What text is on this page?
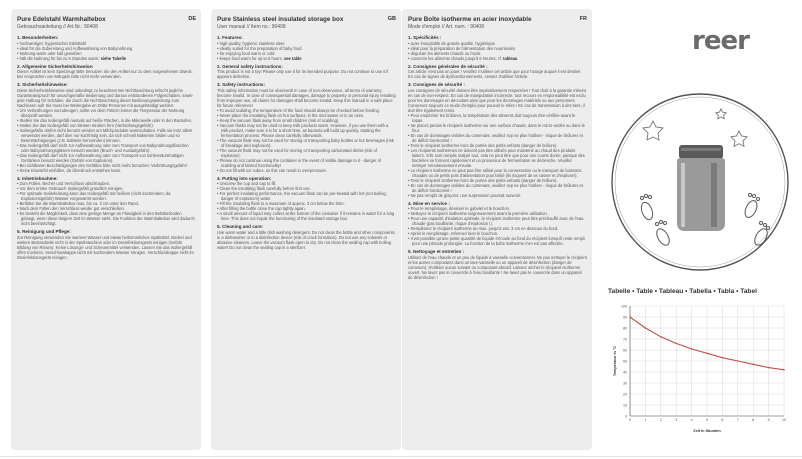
Pure Edelstahl Warmhaltebox
Gebrauchsanleitung // Art.Nr.: 90408
DE
1. Besonderheiten:
• hochwertiger, hygienischer Edelstahl
• ideal für die Zubereitung und Aufbewahrung von Babynahrung
• Nahrung warm oder kalt genießen
• hält die Nahrung für bis zu 6 Stunden warm; siehe Tabelle
2. Allgemeine Sicherheitshinweise:

Dieser Artikel ist kein Spielzeug! Bitte benutzen Sie den Artikel nur zu dem vorgesehenen Zweck. Bei Ansprüchen von Mängeln bitte nicht mehr verwenden.

3. Sicherheitshinweise:

Diese Sicherheitshinweise sind unbedingt zu beachten! Bei Nichtbeachtung erlischt jegliche Garantieanspruch für unsachgemäße Bedienung und daraus entstandenen Folgeschäden, sowie jede Haftung für Schäden, die durch die Nichtbeachtung dieser Bedienungsanleitung zum Nachlesen auf! Sie muss bei Weitergabe an Dritte Personen mit ausgehändigt werden:

• Um Verbrühungen vorzubeugen, sollte vor dem Füttern immer die Temperatur der Nahrung überprüft werden.
• Stellen Sie das Isoliergefäß niemals auf heiße Flächen, in die Mikrowelle oder in den Backofen.
• Halten Sie das Isoliergefäß von kleinen Kindern fern (Verbrühungsgefahr).
• Isoliergefäße dürfen nicht benutzt werden um Milchprodukte warmzuhalten. Falls sie trotz allem verwendet werden, darf dies nur kurzfristig sein, da sich schnell Bakterien bilden und so Beeinträchtigungen (z.B. bakterie hervorrufen) können.
• Das Isoliergefäß darf nicht zur Aufbewahrung oder zum Transport von Babynahrungsflaschen oder Babynahrungsgläsern benutzt werden (Bruch- und Auslaufgefahr).
• Das Isoliergefäß darf nicht zur Aufbewahrung oder zum Transport von kohlensäurehaltigen Getränken benutzt werden (Gefahr von Explosion).
• Bei sichtbaren Beschädigungen des Gefäßes bitte nicht mehr benutzen: Verbrühungsgefahr!
• Keine Eiswürfel einfüllen, da Überdruck entstehen kann.
4. Inbetriebnahme:
• Zum Füllen, Becher und Verschluss abschrauben.
• Vor dem ersten Gebrauch Isoliergefäß gründlich reinigen.
• Für optimale Isolierleistung kann das Isoliergefäß mit heißem (nicht kochendem, da Explosionsgefahr) Wasser vorgewärmt werden.
• Befüllen Sie die Warmhaltebox max. bis ca. 3 cm unter den Rand.
• Nach dem Füllen den Verschluss wieder gut verschließen.
• Es besteht die Möglichkeit, dass eine geringe Menge an Flüssigkeit in den Behälterboden gelangt, wenn diese längere Zeit im Wasser steht. Die Funktion der Warmhaltebox wird dadurch nicht beeinträchtigt.
5. Reinigung und Pflege:

Zur Reinigung verwenden Sie warmes Wasser und etwas herkömmliches Spülmittel. Deckel und weitere Bestandteile nicht in der Spülmaschine oder im Desinfektionsgerät reinigen (Gefahr Bildung von Rissen). Keine Lösungs- und Scheuermittel verwenden. Lassen Sie das Isoliergefäß offen trocknen. Verschlusskappe nicht mit kochendem Wasser reinigen. Verschlusskappe nicht im Desinfektionsgerät reinigen.

Pure Stainless steel insulated storage box
User manual // Item no.: 90408
GB
1. Features:
• high-quality, hygienic stainless steel
• ideally suited for the preparation of baby food
• for enjoying food warm or cold
• keeps food warm for up to 6 hours, see table
2. General safety instructions:

This product is not a toy! Please only use it for its intended purpose. Do not continue to use it if appears defective.

3. Safety instructions:

This safety information must be observed! In case of non-observance, all terms of warranty become invalid. In case of consequential damages, damage to property or personal injury resulting from improper use, all claims for damages shall become invalid. Keep this manual in a safe place for future reference!

• To avoid scalding, the temperature of the food should always be checked before feeding.
• Never place the insulating flask on hot surfaces, in the microwave or in an oven.
• Keep the vacuum flask away from small children (risk of scalding).
• Vacuum flasks may not be used to keep milk products warm. However, if you use them with a milk product, make sure it is for a short time, as bacteria will build up quickly, starting the fermentation process. Please clean carefully afterwards.
• The vacuum flask may not be used for storing or transporting baby bottles or hot beverages (risk of breakage and explosion).
• The vacuum flask may not be used for storing or transporting carbonated drinks (risk of explosion).
• Please do not continue using the container in the event of visible damage to it - danger of scalding and limited functionality!
• Do not fill with ice cubes, as this can result in overpressure.
4. Putting into operation:
• Unscrew the cup and cap to fill.
• Clean the insulating flask carefully before first use.
• For perfect insulating performance, the vacuum flask can be pre-heated with hot (not boiling, danger of explosion!) water.
• Fill the insulating flask to a maximum of approx. 3 cm below the brim.
• After filling the bottle close the cap tightly again.
• A small amount of liquid may collect at the bottom of the container if it remains in water for a long time. This does not impair the functioning of the insulated storage box.
5. Cleaning and care:

Use warm water and a little dish washing detergent. Do not clean the bottle and other components in a dishwasher or in a disinfection device (risk of crack formation). Do not use any solvents or abrasive cleaners. Leave the vacuum flask open to dry. Do not clean the sealing cap with boiling water! Do not clean the sealing cap in a sterilizer.

Pure Boîte isotherme en acier inoxydable
Mode d'emploi // Art. num. : 90408
FR
1. Spécificités :
• acier inoxydable de grande qualité, hygiénique
• idéal pour la préparation de l'alimentation des nourrissons
• déguster les aliments chauds ou froids
• conserve les aliments chauds jusqu'à 6 heures; cf. tableau
2. Consignes générales de sécurité :

Cet article n'est pas un jouet ! Veuillez n'utiliser cet article que pour l'usage auquel il est destiné. En cas de signes de dysfonctionnements, cessez d'utiliser l'article.

3. Consignes de sécurité :

Les consignes de sécurité doivent être impérativement respectées ! Tout droit à la garantie s'éteint en cas de non-respect. En cas de manipulation incorrecte, tout recours en responsabilité est exclu pour les dommages en découlant ainsi que pour les dommages matériels ou aux personnes. Conservez toujours ce mode d'emploi pour pouvoir le relire ! En cas de transmission à des tiers, il doit être également remis.

• Pour empêcher les brûlures, la température des aliments doit toujours être vérifiée avant le repas.
• Ne placez jamais le récipient isotherme sur une surface chaude, dans le micro-ondes ou dans le four.
• En cas de dommages visibles du contenant, veuillez svp ne plus l'utiliser - risque de brûlures et de déficit fonctionnel !
• Tenir le récipient isotherme hors de portée des petits enfants (danger de brûlure).
• Les récipients isothermes ne doivent pas être utilisés pour maintenir au chaud des produits laitiers. S'ils sont remplis malgré tout, cela ne peut être que pour une courte durée, puisque des bactéries se forment rapidement et un processus de fermentation se déclenche. Veuillez nettoyer minutieusement ensuite.
• Le récipient isotherme ne peut pas être utilisé pour la conservation ou le transport de boissons chaudes ou de petits pots d'alimentation pour bébé (ils risquent de se casser et d'exploser).
• Tenir le récipient isotherme hors de portée des petits enfants (danger de brûlure).
• En cas de dommages visibles du contenant, veuillez svp ne plus l'utiliser - risque de brûlures et de déficit fonctionnel !
• Ne pas remplir de glaçons; une surpression pourrait survenir.
4. Mise en service :
• Pour le remplissage, dévisser le gobelet et le bouchon.
• Nettoyez le récipient isotherme soigneusement avant la première utilisation.
• Pour une capacité d'isolation optimale, le récipient isotherme peut être préchauffé avec de l'eau chaude (pas bouillante, risque d'explosion !).
• Remplissez le récipient isotherme au max. jusqu'à env. 3 cm en dessous du bord.
• Après le remplissage, refermez bien le bouchon.
• Il est possible qu'une petite quantité de liquide s'écoule au fond du récipient lorsqu'il reste rempli pour une période prolongée. La fonction de la boîte isotherme n'en est pas affectée.
5. Nettoyage et entretien :

Utilisez de l'eau chaude et un peu de liquide à vaisselle conventionnel. Ne pas nettoyer le récipient et les autres composants dans un lave-vaisselle ou un appareil de désinfection (danger de corrosion). N'utiliser aucun solvant ou composant abrasif. Laissez sécher le récipient isotherme ouvert. Ne lavez pas le couvercle à l'eau bouillante ! Ne lavez pas le couvercle dans un appareil de désinfection !

reer
Tabelle • Table • Tableau • Tabella • Tabla • Tabel
0
10
20
30
40
50
60
70
80
90
100
0	1	2	3	4	5	6	7	8	9	10
Zeit in Stunden
Temperatur in °C
